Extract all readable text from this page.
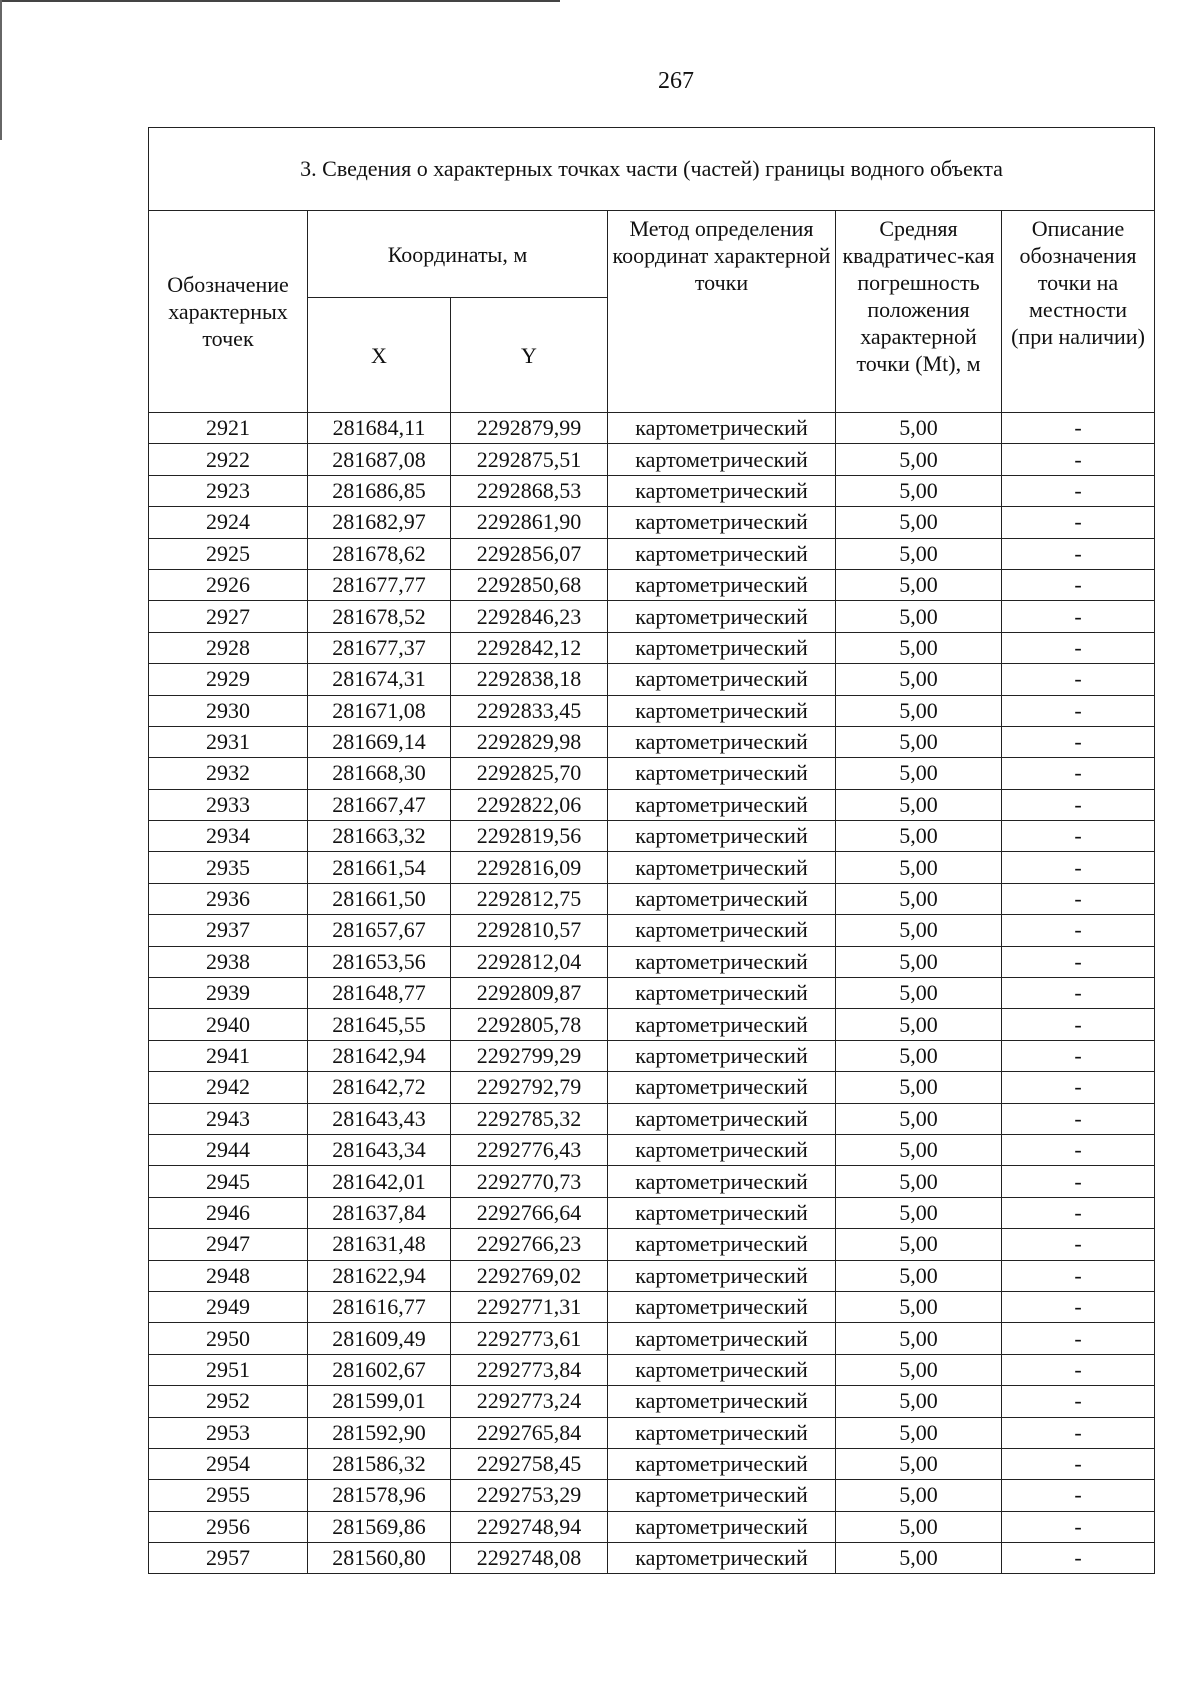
267
3. Сведения о характерных точках части (частей) границы водного объекта					
Обозначение характерных точек	Координаты, м		Метод определения координат характерной точки	Средняя квадратичес-кая погрешность положения характерной точки (Mt), м	Описание обозначения точки на местности (при наличии)
	X	Y			
2921	281684,11	2292879,99	картометрический	5,00	-
2922	281687,08	2292875,51	картометрический	5,00	-
2923	281686,85	2292868,53	картометрический	5,00	-
2924	281682,97	2292861,90	картометрический	5,00	-
2925	281678,62	2292856,07	картометрический	5,00	-
2926	281677,77	2292850,68	картометрический	5,00	-
2927	281678,52	2292846,23	картометрический	5,00	-
2928	281677,37	2292842,12	картометрический	5,00	-
2929	281674,31	2292838,18	картометрический	5,00	-
2930	281671,08	2292833,45	картометрический	5,00	-
2931	281669,14	2292829,98	картометрический	5,00	-
2932	281668,30	2292825,70	картометрический	5,00	-
2933	281667,47	2292822,06	картометрический	5,00	-
2934	281663,32	2292819,56	картометрический	5,00	-
2935	281661,54	2292816,09	картометрический	5,00	-
2936	281661,50	2292812,75	картометрический	5,00	-
2937	281657,67	2292810,57	картометрический	5,00	-
2938	281653,56	2292812,04	картометрический	5,00	-
2939	281648,77	2292809,87	картометрический	5,00	-
2940	281645,55	2292805,78	картометрический	5,00	-
2941	281642,94	2292799,29	картометрический	5,00	-
2942	281642,72	2292792,79	картометрический	5,00	-
2943	281643,43	2292785,32	картометрический	5,00	-
2944	281643,34	2292776,43	картометрический	5,00	-
2945	281642,01	2292770,73	картометрический	5,00	-
2946	281637,84	2292766,64	картометрический	5,00	-
2947	281631,48	2292766,23	картометрический	5,00	-
2948	281622,94	2292769,02	картометрический	5,00	-
2949	281616,77	2292771,31	картометрический	5,00	-
2950	281609,49	2292773,61	картометрический	5,00	-
2951	281602,67	2292773,84	картометрический	5,00	-
2952	281599,01	2292773,24	картометрический	5,00	-
2953	281592,90	2292765,84	картометрический	5,00	-
2954	281586,32	2292758,45	картометрический	5,00	-
2955	281578,96	2292753,29	картометрический	5,00	-
2956	281569,86	2292748,94	картометрический	5,00	-
2957	281560,80	2292748,08	картометрический	5,00	-
